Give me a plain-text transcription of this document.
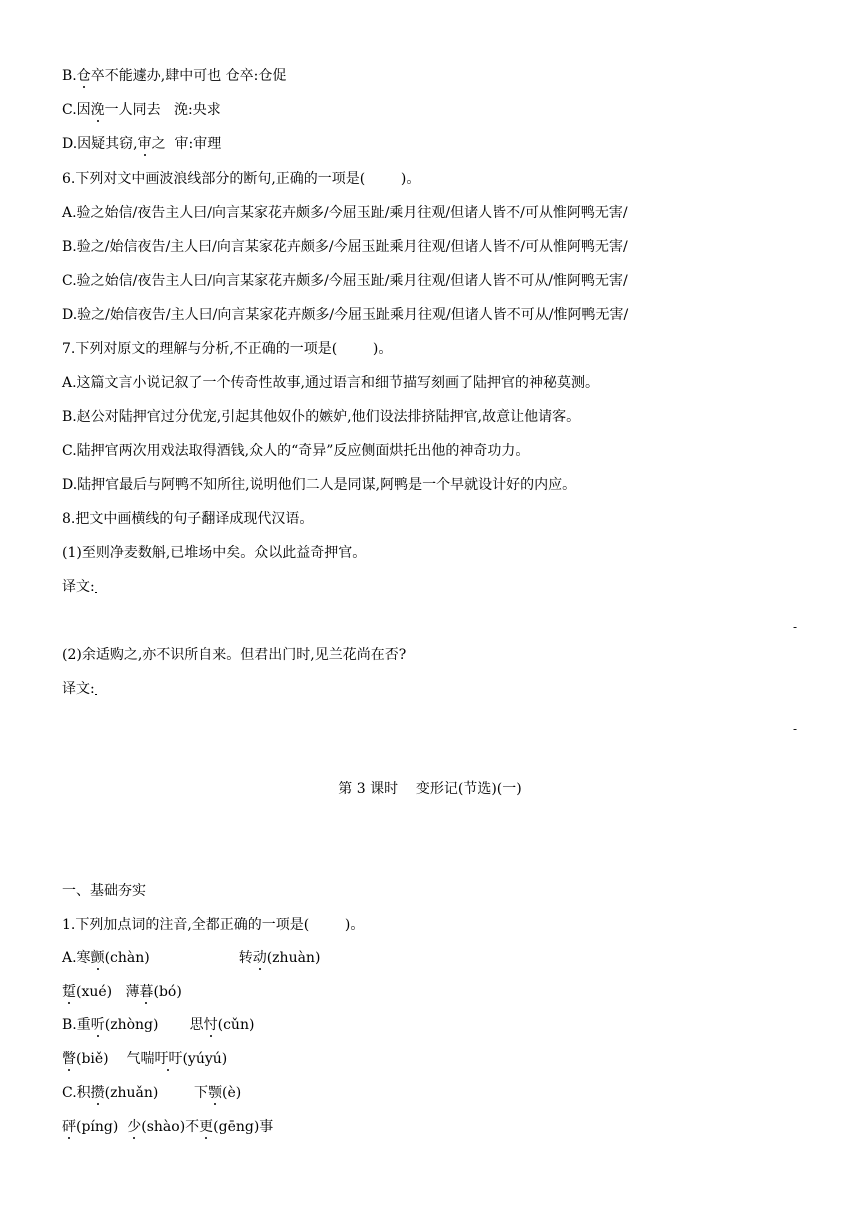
B.仓卒不能遽办,肆中可也 仓卒:仓促
C.因浼一人同去   浼:央求
D.因疑其窃,审之  审:审理
6.下列对文中画波浪线部分的断句,正确的一项是(        )。
A.验之始信/夜告主人曰/向言某家花卉颇多/今屈玉趾/乘月往观/但诸人皆不/可从惟阿鸭无害/
B.验之/始信夜告/主人曰/向言某家花卉颇多/今屈玉趾乘月往观/但诸人皆不/可从惟阿鸭无害/
C.验之始信/夜告主人曰/向言某家花卉颇多/今屈玉趾/乘月往观/但诸人皆不可从/惟阿鸭无害/
D.验之/始信夜告/主人曰/向言某家花卉颇多/今屈玉趾乘月往观/但诸人皆不可从/惟阿鸭无害/
7.下列对原文的理解与分析,不正确的一项是(        )。
A.这篇文言小说记叙了一个传奇性故事,通过语言和细节描写刻画了陆押官的神秘莫测。
B.赵公对陆押官过分优宠,引起其他奴仆的嫉妒,他们设法排挤陆押官,故意让他请客。
C.陆押官两次用戏法取得酒钱,众人的“奇异”反应侧面烘托出他的神奇功力。
D.陆押官最后与阿鸭不知所往,说明他们二人是同谋,阿鸭是一个早就设计好的内应。
8.把文中画横线的句子翻译成现代汉语。
(1)至则净麦数斛,已堆场中矣。众以此益奇押官。
译文:
-
(2)余适购之,亦不识所自来。但君出门时,见兰花尚在否?
译文:
-
第 3 课时    变形记(节选)(一)
一、基础夯实
1.下列加点词的注音,全都正确的一项是(        )。
A.寒颤(chàn)                    转动(zhuàn)
踅(xué)   薄暮(bó)
B.重听(zhòng)       思忖(cǔn)
瞥(biě)    气喘吁吁(yúyú)
C.积攒(zhuǎn)        下颚(è)
砰(píng)  少(shào)不更(gēng)事
